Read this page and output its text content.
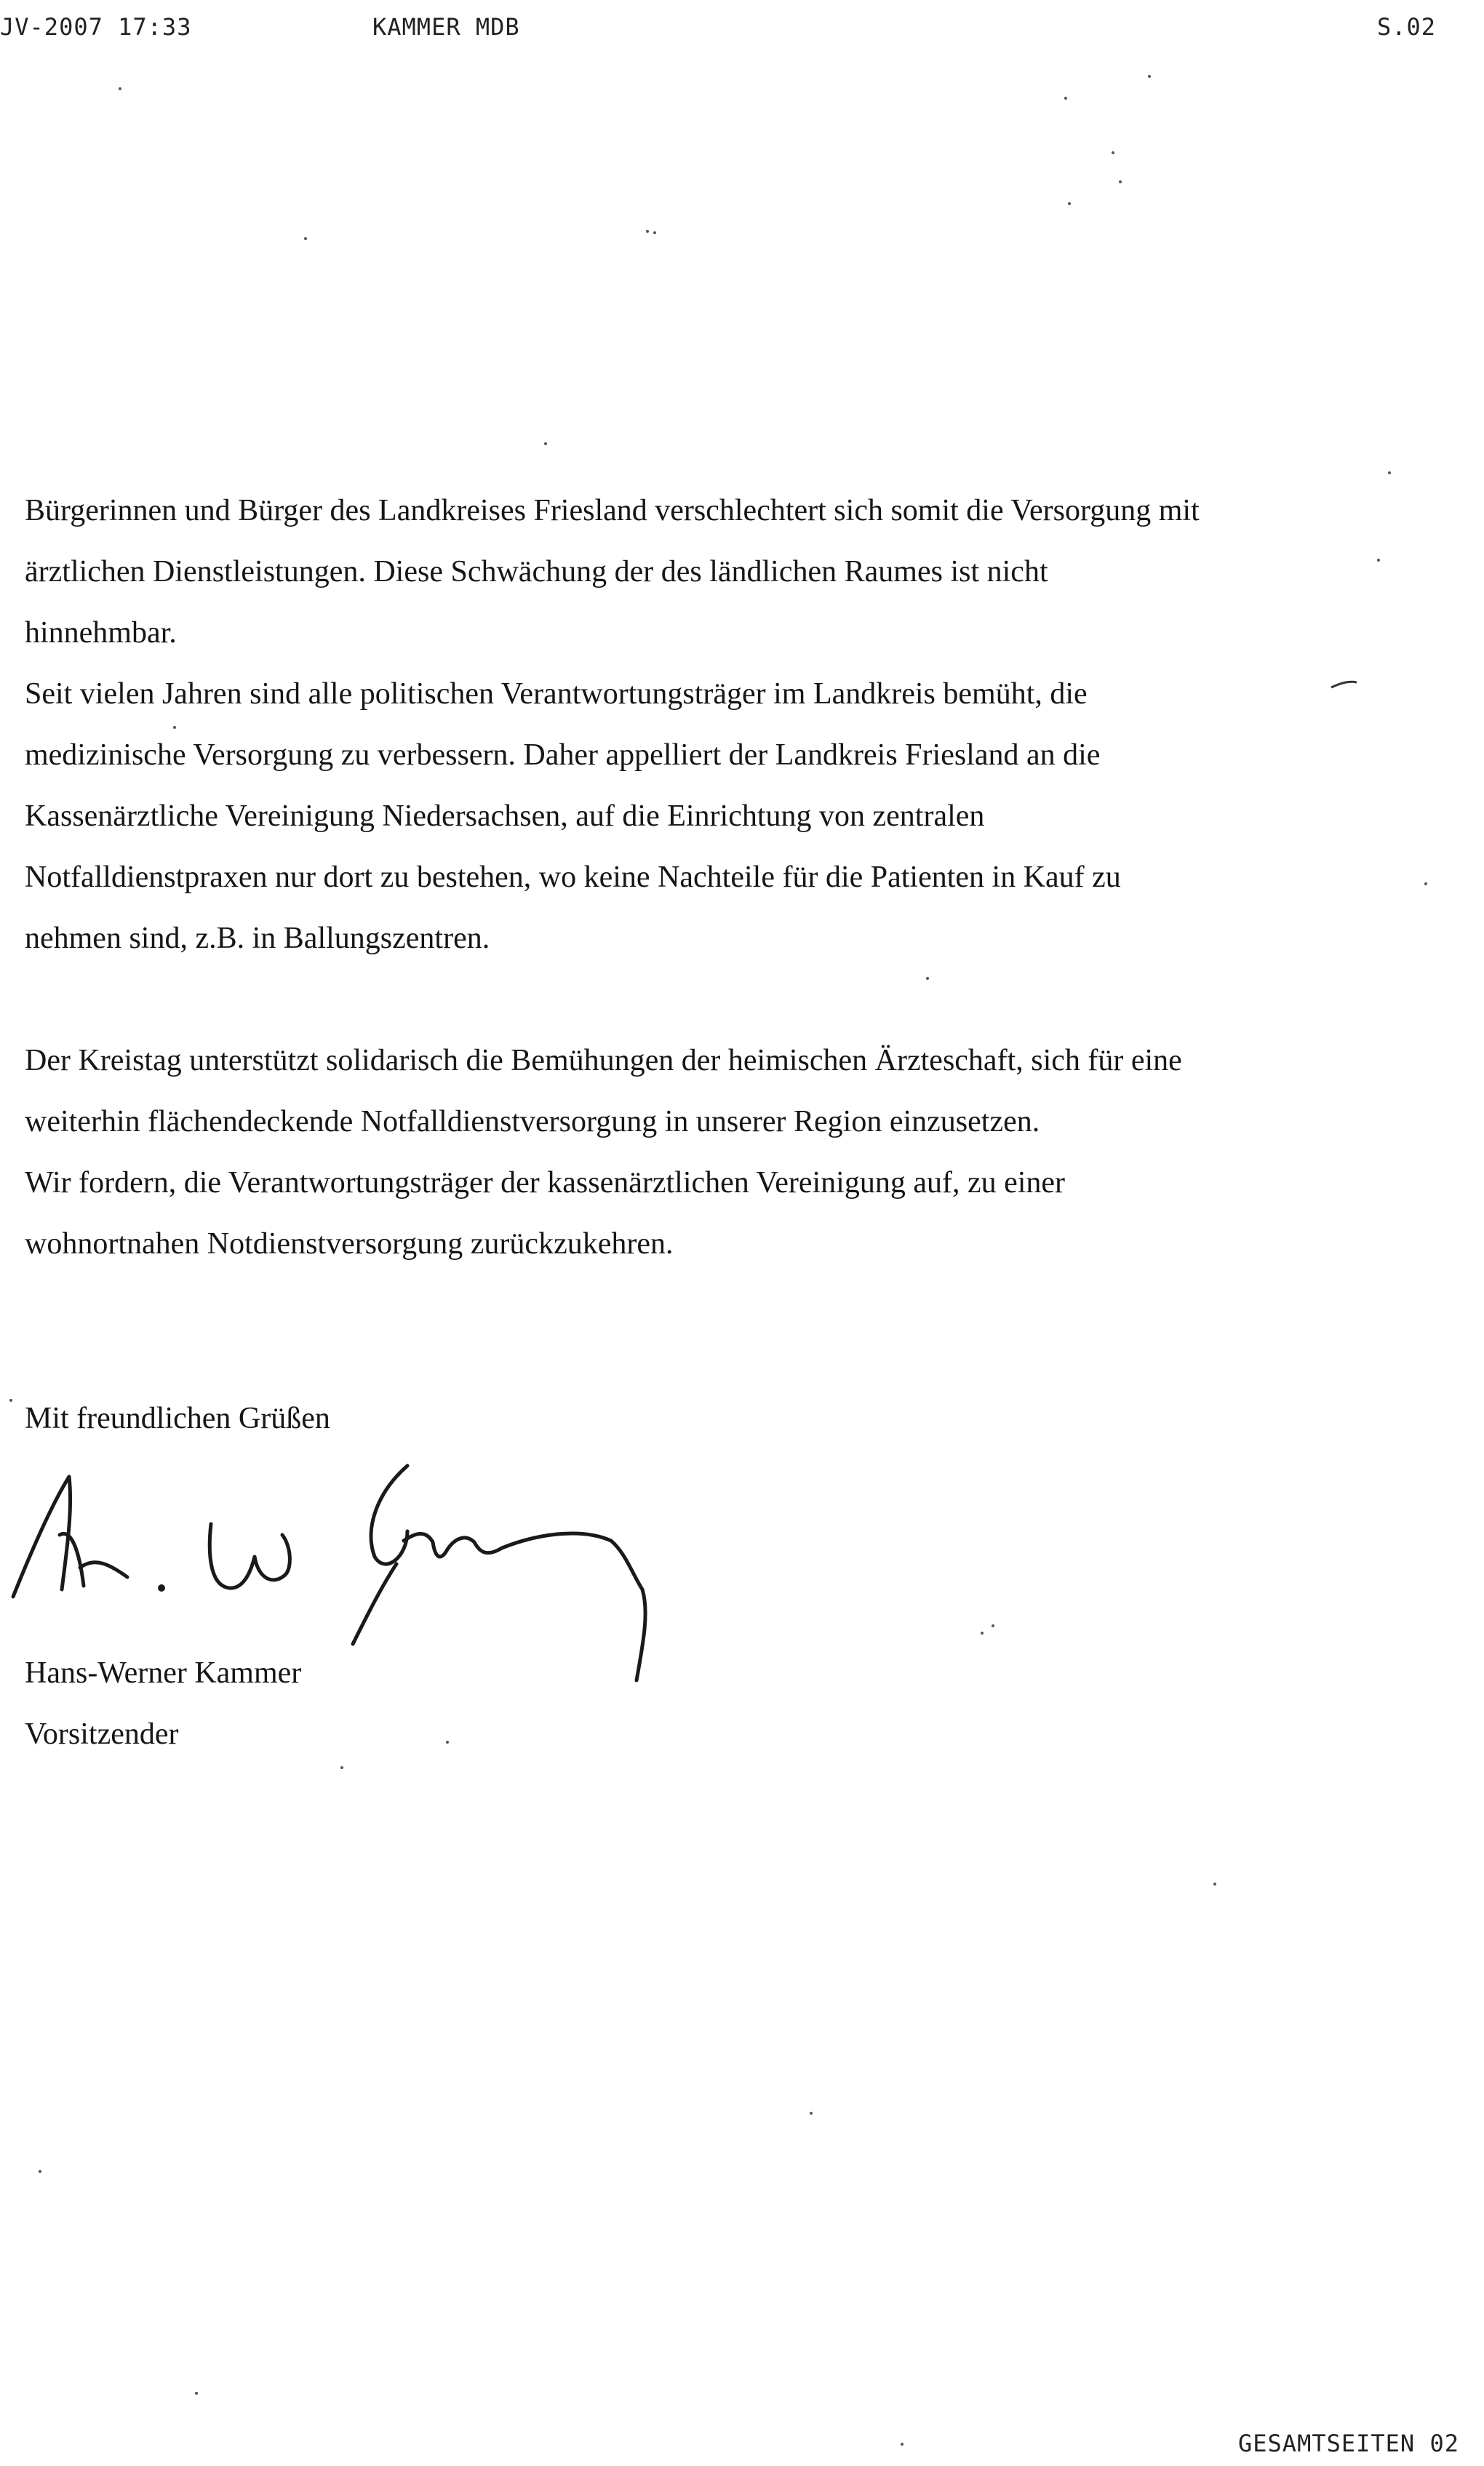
JV-2007 17:33	KAMMER MDB	S.02

Bürgerinnen und Bürger des Landkreises Friesland verschlechtert sich somit die Versorgung mit
ärztlichen Dienstleistungen. Diese Schwächung der des ländlichen Raumes ist nicht
hinnehmbar.
Seit vielen Jahren sind alle politischen Verantwortungsträger im Landkreis bemüht, die
medizinische Versorgung zu verbessern. Daher appelliert der Landkreis Friesland an die
Kassenärztliche Vereinigung Niedersachsen, auf die Einrichtung von zentralen
Notfalldienstpraxen nur dort zu bestehen, wo keine Nachteile für die Patienten in Kauf zu
nehmen sind, z.B. in Ballungszentren.

Der Kreistag unterstützt solidarisch die Bemühungen der heimischen Ärzteschaft, sich für eine
weiterhin flächendeckende Notfalldienstversorgung in unserer Region einzusetzen.
Wir fordern, die Verantwortungsträger der kassenärztlichen Vereinigung auf, zu einer
wohnortnahen Notdienstversorgung zurückzukehren.

Mit freundlichen Grüßen
Hans-Werner Kammer
Vorsitzender
GESAMTSEITEN 02
